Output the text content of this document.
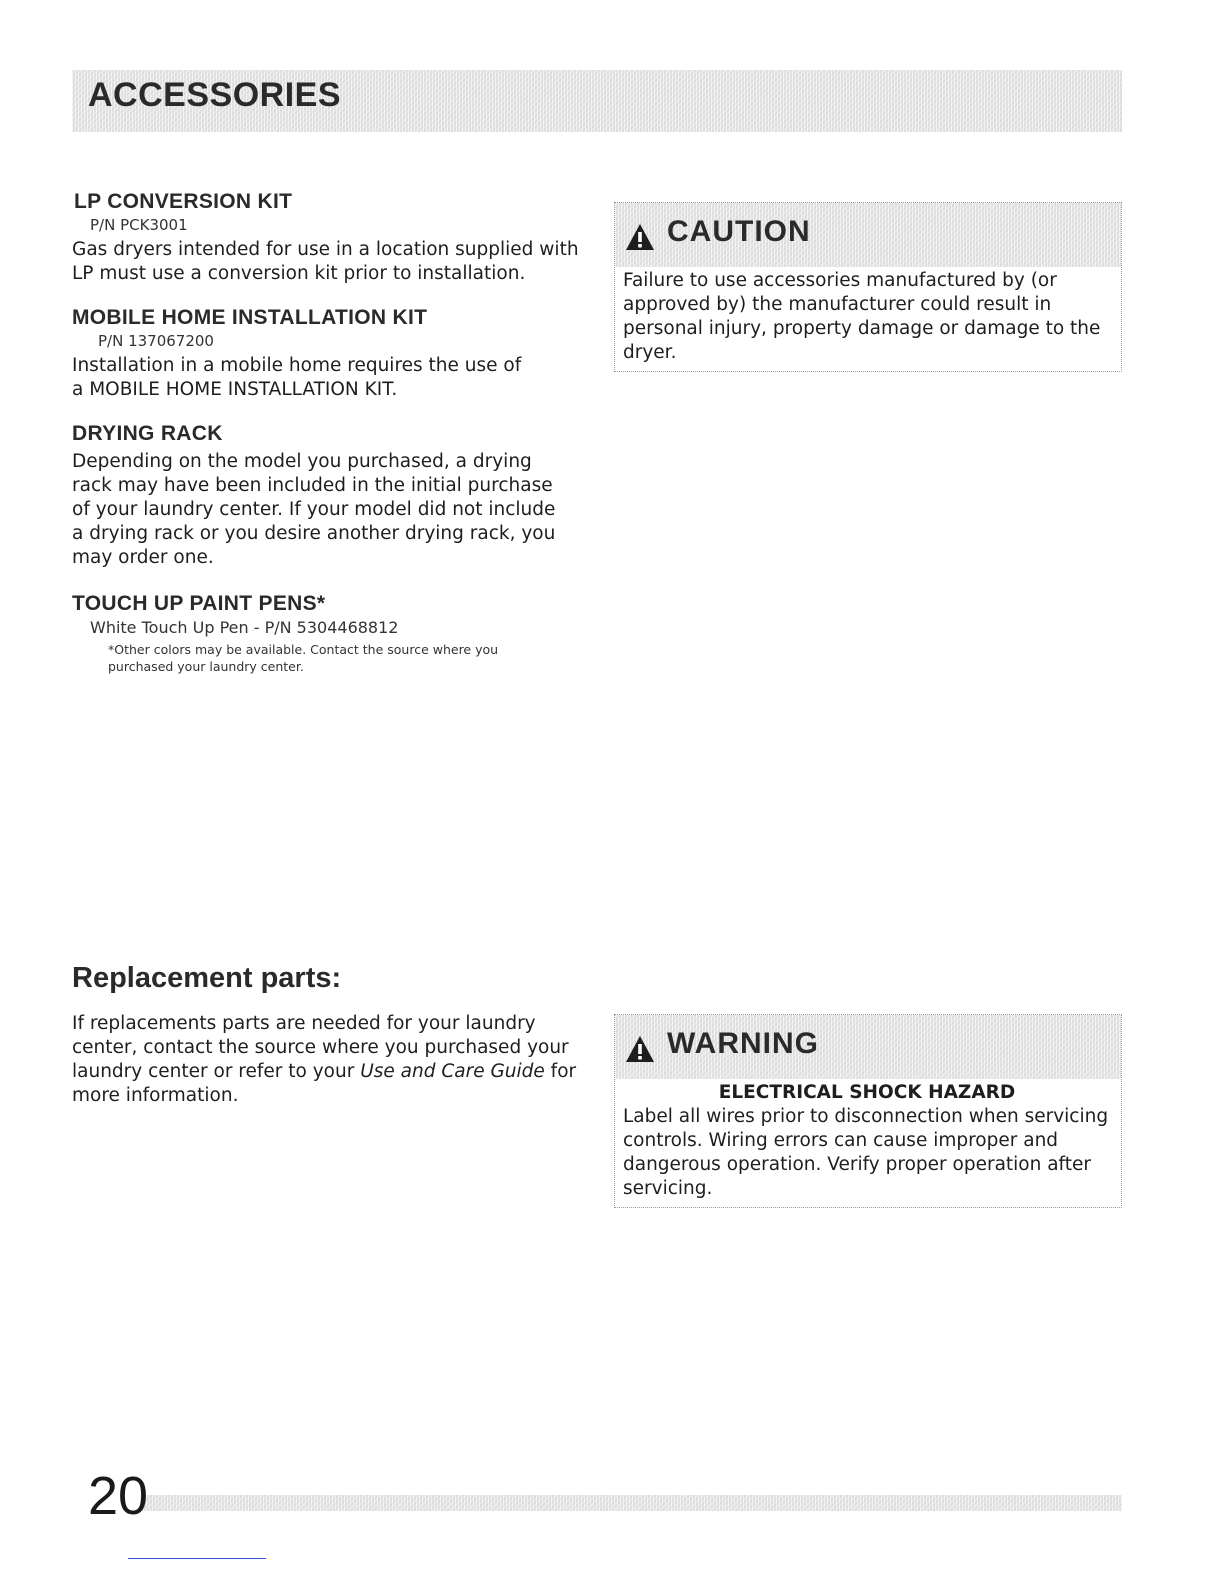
ACCESSORIES
LP CONVERSION KIT

P/N PCK3001

Gas dryers intended for use in a location supplied with LP must use a conversion kit prior to installation.

MOBILE HOME INSTALLATION KIT

P/N 137067200

Installation in a mobile home requires the use of a MOBILE HOME INSTALLATION KIT.

DRYING RACK

Depending on the model you purchased, a drying rack may have been included in the initial purchase of your laundry center. If your model did not include a drying rack or you desire another drying rack, you may order one.

TOUCH UP PAINT PENS*

White Touch Up Pen - P/N 5304468812

*Other colors may be available. Contact the source where you purchased your laundry center.

CAUTION
Failure to use accessories manufactured by (or approved by) the manufacturer could result in personal injury, property damage or damage to the dryer.
Replacement parts:

If replacements parts are needed for your laundry center, contact the source where you purchased your laundry center or refer to your Use and Care Guide for more information.

WARNING

ELECTRICAL SHOCK HAZARD

Label all wires prior to disconnection when servicing controls. Wiring errors can cause improper and dangerous operation. Verify proper operation after servicing.
20
